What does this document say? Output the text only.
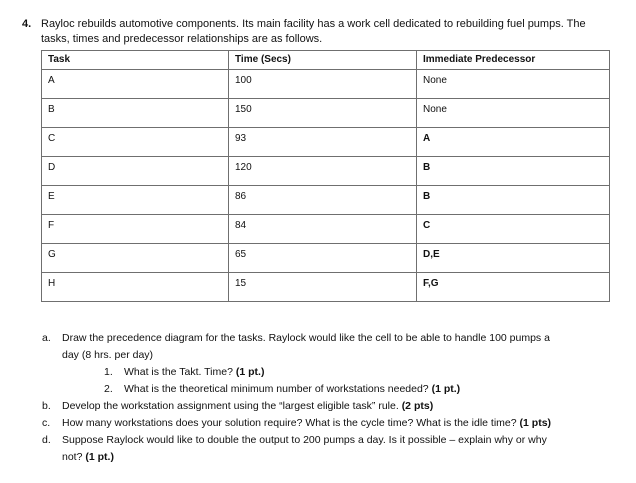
4. Rayloc rebuilds automotive components. Its main facility has a work cell dedicated to rebuilding fuel pumps. The
tasks, times and predecessor relationships are as follows.
Task	Time (Secs)	Immediate Predecessor
A	100	None
B	150	None
C	93	A
D	120	B
E	86	B
F	84	C
G	65	D,E
H	15	F,G
a. Draw the precedence diagram for the tasks. Raylock would like the cell to be able to handle 100 pumps a
day (8 hrs. per day)
1. What is the Takt. Time? (1 pt.)
2. What is the theoretical minimum number of workstations needed? (1 pt.)
b. Develop the workstation assignment using the “largest eligible task” rule. (2 pts)
c. How many workstations does your solution require? What is the cycle time? What is the idle time? (1 pts)
d. Suppose Raylock would like to double the output to 200 pumps a day. Is it possible – explain why or why
not? (1 pt.)
